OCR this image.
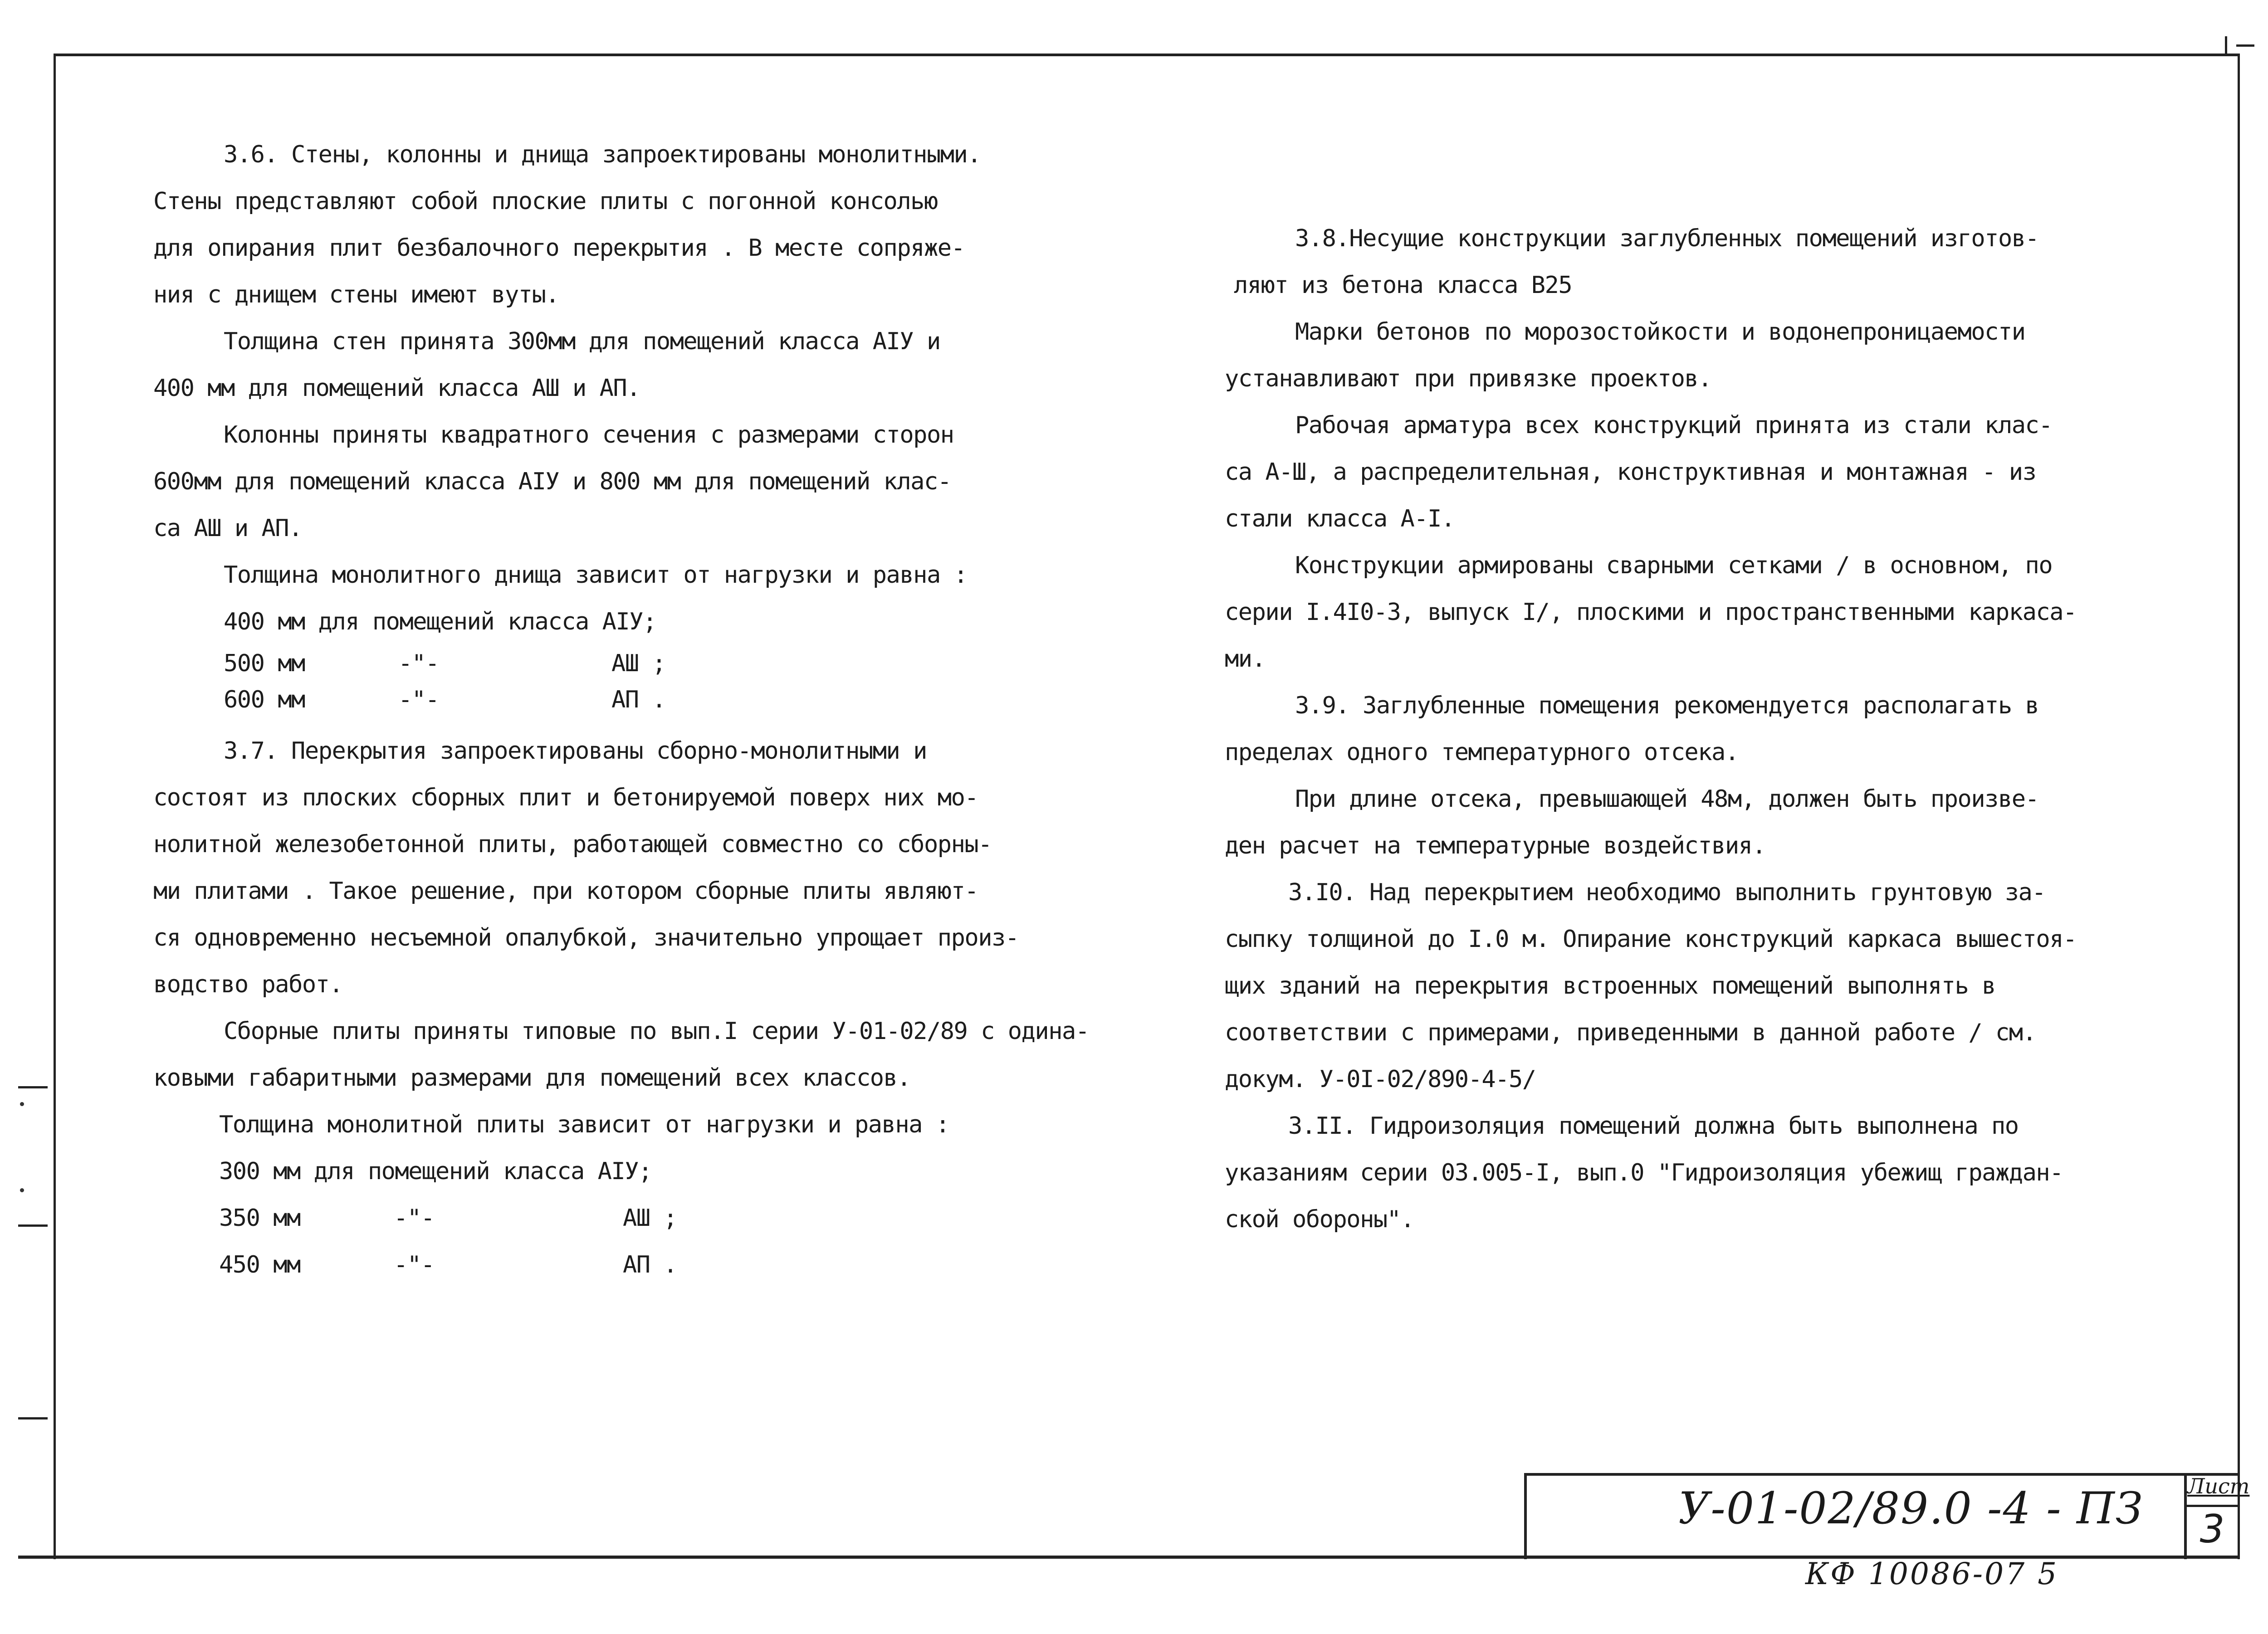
3.6. Стены, колонны и днища запроектированы монолитными.

Стены представляют собой плоские плиты с погонной консолью

для опирания плит безбалочного перекрытия . В месте сопряже-

ния с днищем стены имеют вуты.

Толщина стен принята 300мм для помещений класса АIУ и

400 мм для помещений класса АШ и АП.

Колонны приняты квадратного сечения с размерами сторон

600мм для помещений класса АIУ и 800 мм для помещений клас-

са АШ и АП.

Толщина монолитного днища зависит от нагрузки и равна :

400 мм для помещений класса АIУ;

500 мм	-"-	АШ ;
600 мм	-"-	АП .

3.7. Перекрытия запроектированы сборно-монолитными и

состоят из плоских сборных плит и бетонируемой поверх них мо-

нолитной железобетонной плиты, работающей совместно со сборны-

ми плитами . Такое решение, при котором сборные плиты являют-

ся одновременно несъемной опалубкой, значительно упрощает произ-

водство работ.

Сборные плиты приняты типовые по вып.I серии У-01-02/89 с одина-

ковыми габаритными размерами для помещений всех классов.

Толщина монолитной плиты зависит от нагрузки и равна :

300 мм для помещений класса АIУ;

350 мм	-"-	АШ ;
450 мм	-"-	АП .

3.8.Несущие конструкции заглубленных помещений изготов-

ляют из бетона класса В25

Марки бетонов по морозостойкости и водонепроницаемости

устанавливают при привязке проектов.

Рабочая арматура всех конструкций принята из стали клас-

са А-Ш, а распределительная, конструктивная и монтажная - из

стали класса А-I.

Конструкции армированы сварными сетками / в основном, по

серии I.4I0-3, выпуск I/, плоскими и пространственными каркаса-

ми.

3.9. Заглубленные помещения рекомендуется располагать в

пределах одного температурного отсека.

При длине отсека, превышающей 48м, должен быть произве-

ден расчет на температурные воздействия.

3.I0. Над перекрытием необходимо выполнить грунтовую за-

сыпку толщиной до I.0 м. Опирание конструкций каркаса вышестоя-

щих зданий на перекрытия встроенных помещений выполнять в

соответствии с примерами, приведенными в данной работе / см.

докум. У-0I-02/890-4-5/

3.II. Гидроизоляция помещений должна быть выполнена по

указаниям серии 03.005-I, вып.0 "Гидроизоляция убежищ граждан-

ской обороны".

У-01-02/89.0 -4 - ПЗ Лист
3
КФ 10086-07 5
